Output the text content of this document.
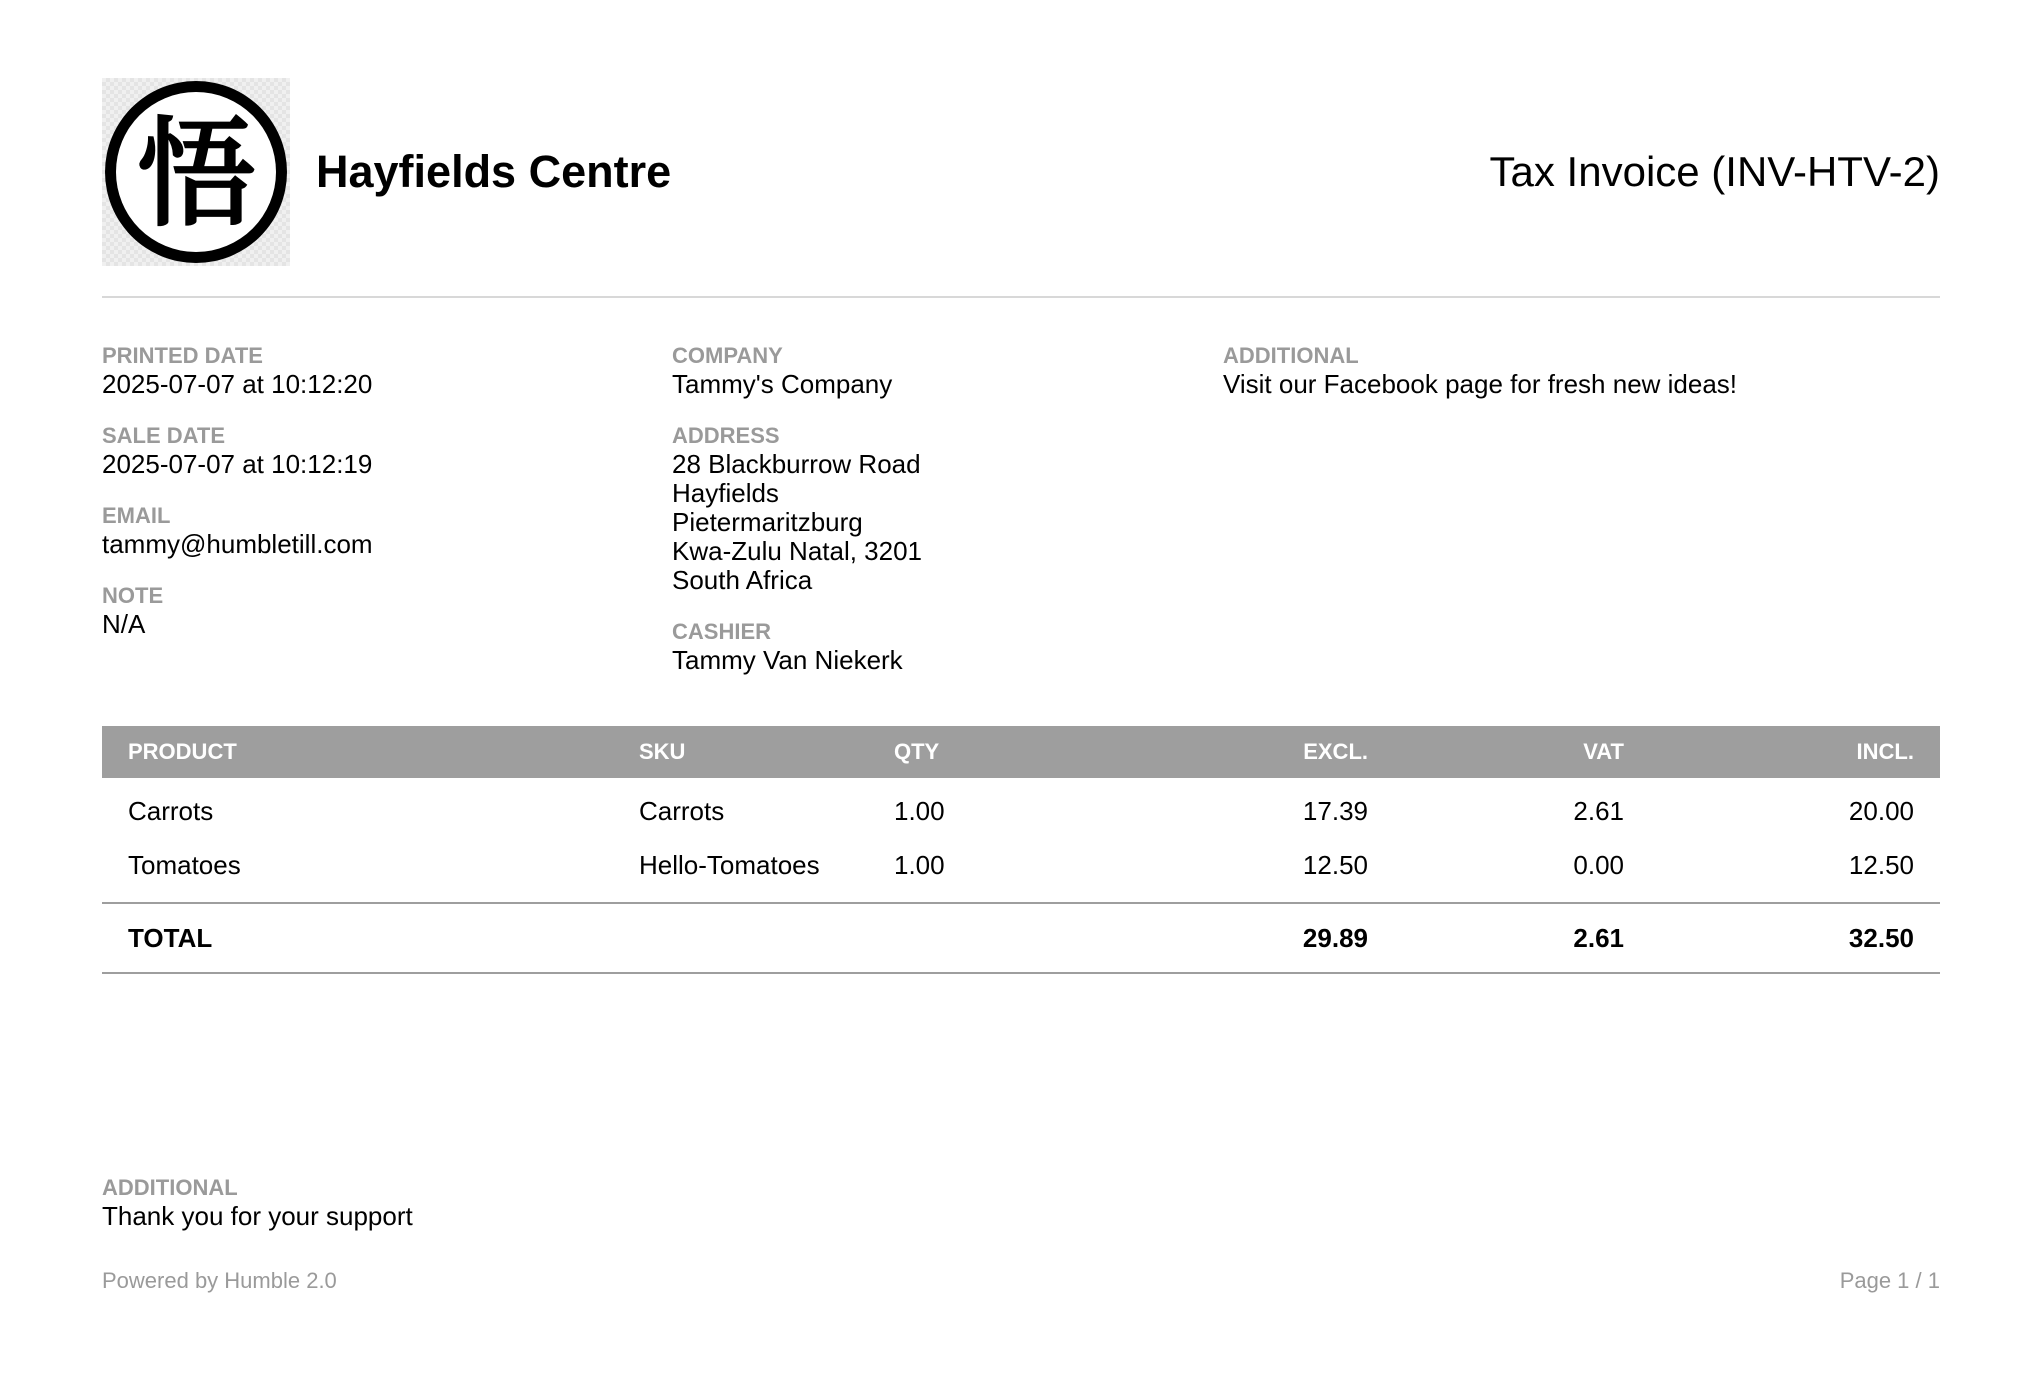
悟 Hayfields Centre	Tax Invoice (INV-HTV-2)
PRINTED DATE
2025-07-07 at 10:12:20
SALE DATE
2025-07-07 at 10:12:19
EMAIL
tammy@humbletill.com
NOTE
N/A
COMPANY
Tammy's Company
ADDRESS
28 Blackburrow Road
Hayfields
Pietermaritzburg
Kwa-Zulu Natal, 3201
South Africa
CASHIER
Tammy Van Niekerk
ADDITIONAL
Visit our Facebook page for fresh new ideas!
PRODUCT	SKU	QTY	EXCL.	VAT	INCL.
Carrots	Carrots	1.00	17.39	2.61	20.00
Tomatoes	Hello-Tomatoes	1.00	12.50	0.00	12.50
TOTAL			29.89	2.61	32.50
ADDITIONAL
Thank you for your support
Powered by Humble 2.0	Page 1 / 1
